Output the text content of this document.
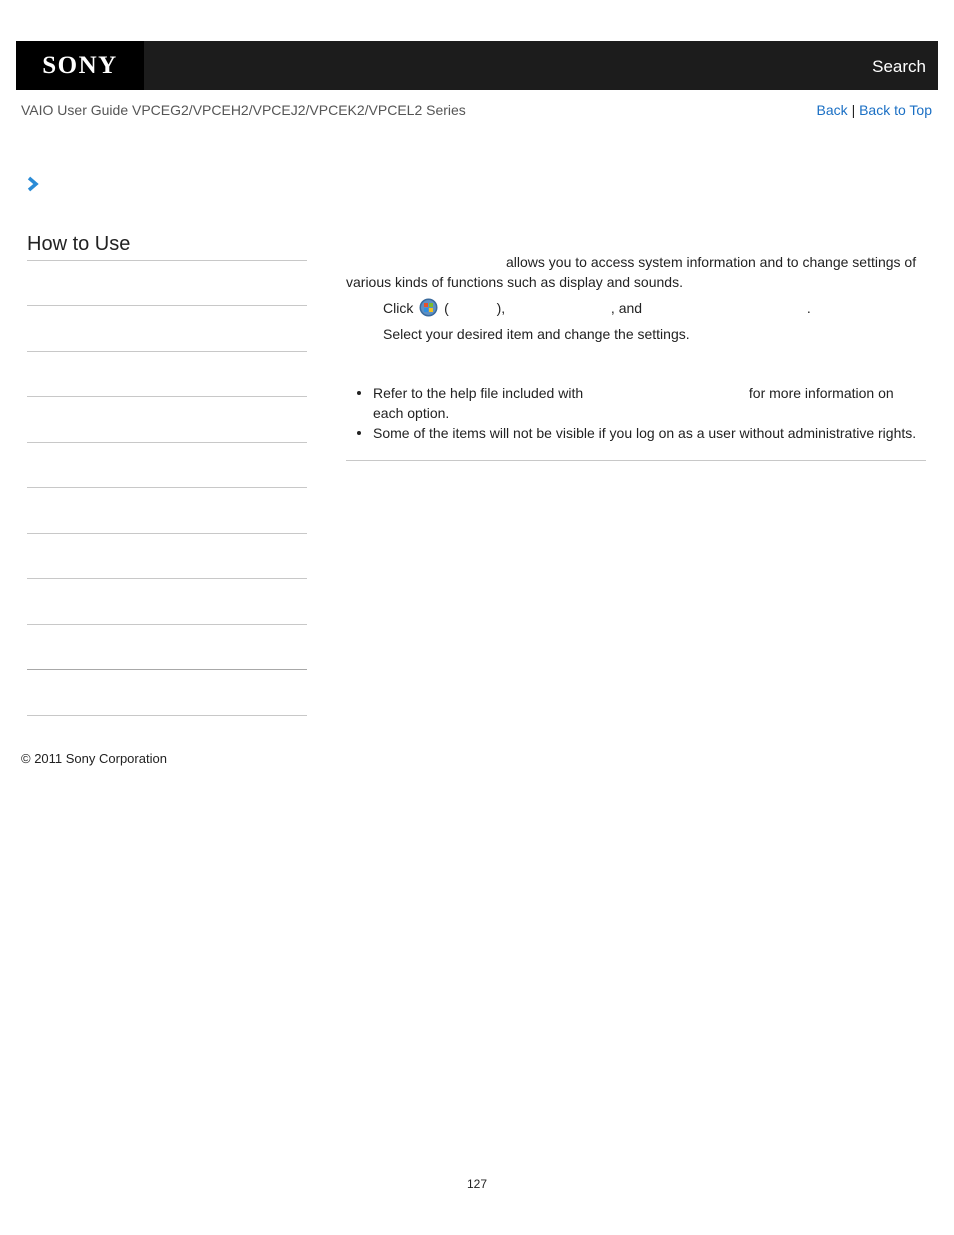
SONY	Search
VAIO User Guide VPCEG2/VPCEH2/VPCEJ2/VPCEK2/VPCEL2 Series	Back | Back to Top
How to Use

allows you to access system information and to change settings of

various kinds of functions such as display and sounds.

Click (	),	, and	.
Select your desired item and change the settings.
Refer to the help file included with	for more information on
each option.
Some of the items will not be visible if you log on as a user without administrative rights.
© 2011 Sony Corporation
127
